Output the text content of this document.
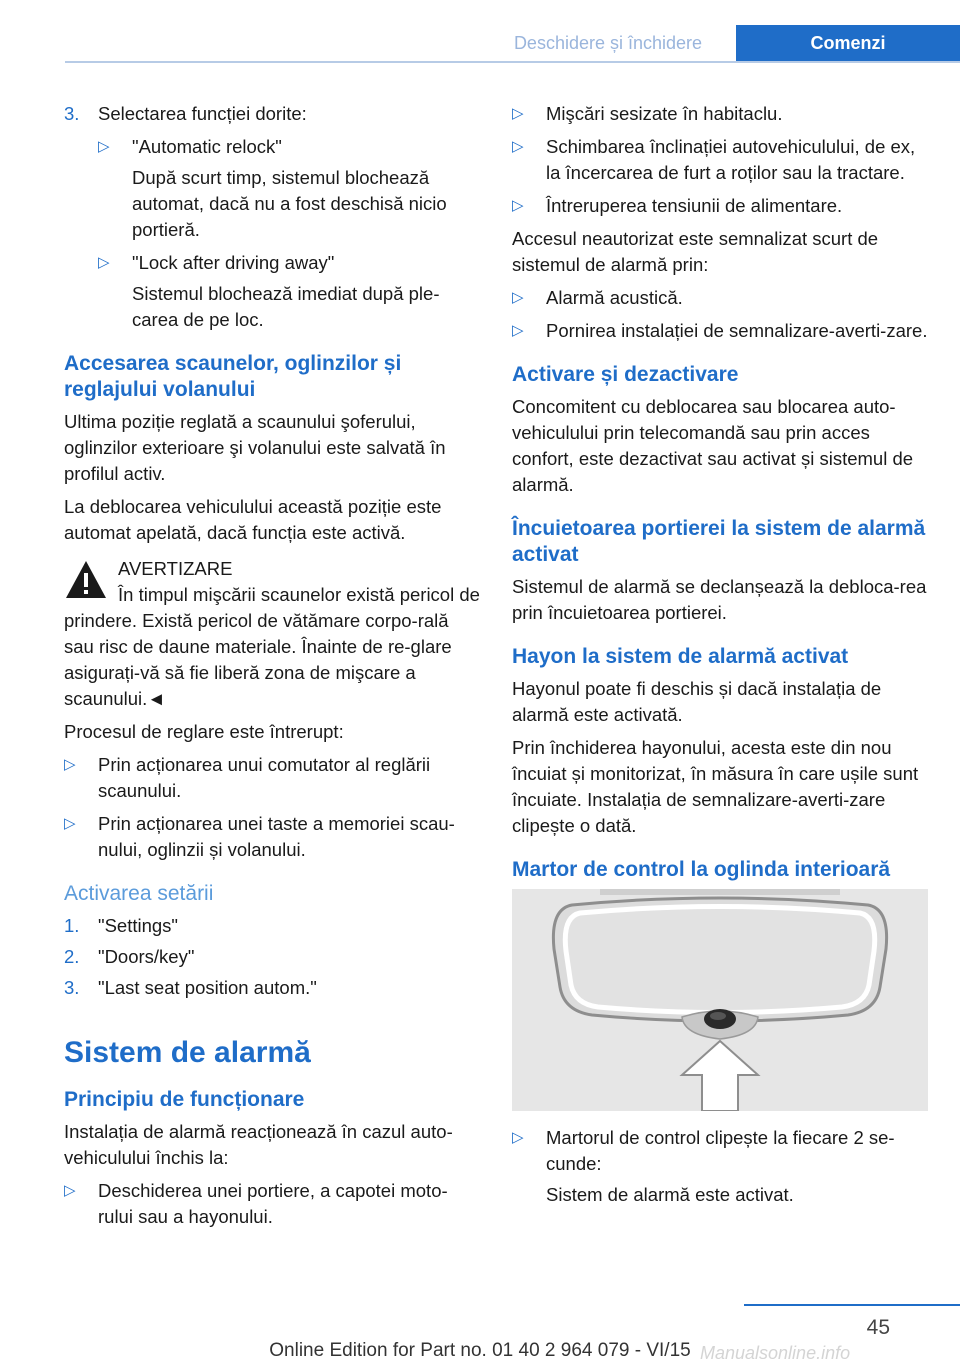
Deschidere și închidere	Comenzi
3.	Selectarea funcției dorite:
▷	"Automatic relock"
După scurt timp, sistemul blochează automat, dacă nu a fost deschisă nicio portieră.
▷	"Lock after driving away"
Sistemul blochează imediat după ple‐carea de pe loc.
Accesarea scaunelor, oglinzilor și reglajului volanului

Ultima poziție reglată a scaunului şoferului, oglinzilor exterioare şi volanului este salvată în profilul activ.

La deblocarea vehiculului această poziție este automat apelată, dacă funcția este activă.

AVERTIZARE
În timpul mişcării scaunelor există pericol de prindere. Există pericol de vătămare corpo‐rală sau risc de daune materiale. Înainte de re‐glare asigurați‐vă să fie liberă zona de mişcare a scaunului.◄

Procesul de reglare este întrerupt:

▷	Prin acționarea unui comutator al reglării scaunului.
▷	Prin acționarea unei taste a memoriei scau‐nului, oglinzii și volanului.
Activarea setării
1.	"Settings"
2.	"Doors/key"
3.	"Last seat position autom."
Sistem de alarmă
Principiu de funcționare

Instalația de alarmă reacționează în cazul auto‐vehiculului închis la:

▷	Deschiderea unei portiere, a capotei moto‐rului sau a hayonului.
▷	Mişcări sesizate în habitaclu.
▷	Schimbarea înclinației autovehiculului, de ex, la încercarea de furt a roților sau la tractare.
▷	Întreruperea tensiunii de alimentare.

Accesul neautorizat este semnalizat scurt de sistemul de alarmă prin:

▷	Alarmă acustică.
▷	Pornirea instalației de semnalizare‐averti‐zare.
Activare și dezactivare

Concomitent cu deblocarea sau blocarea auto‐vehiculului prin telecomandă sau prin acces confort, este dezactivat sau activat și sistemul de alarmă.

Încuietoarea portierei la sistem de alarmă activat

Sistemul de alarmă se declanșează la debloca‐rea prin încuietoarea portierei.

Hayon la sistem de alarmă activat

Hayonul poate fi deschis și dacă instalația de alarmă este activată.

Prin închiderea hayonului, acesta este din nou încuiat și monitorizat, în măsura în care ușile sunt încuiate. Instalația de semnalizare‐averti‐zare clipește o dată.

Martor de control la oglinda interioară
▷	Martorul de control clipește la fiecare 2 se‐cunde:
Sistem de alarmă este activat.
45
Online Edition for Part no. 01 40 2 964 079 - VI/15 Manualsonline.info
